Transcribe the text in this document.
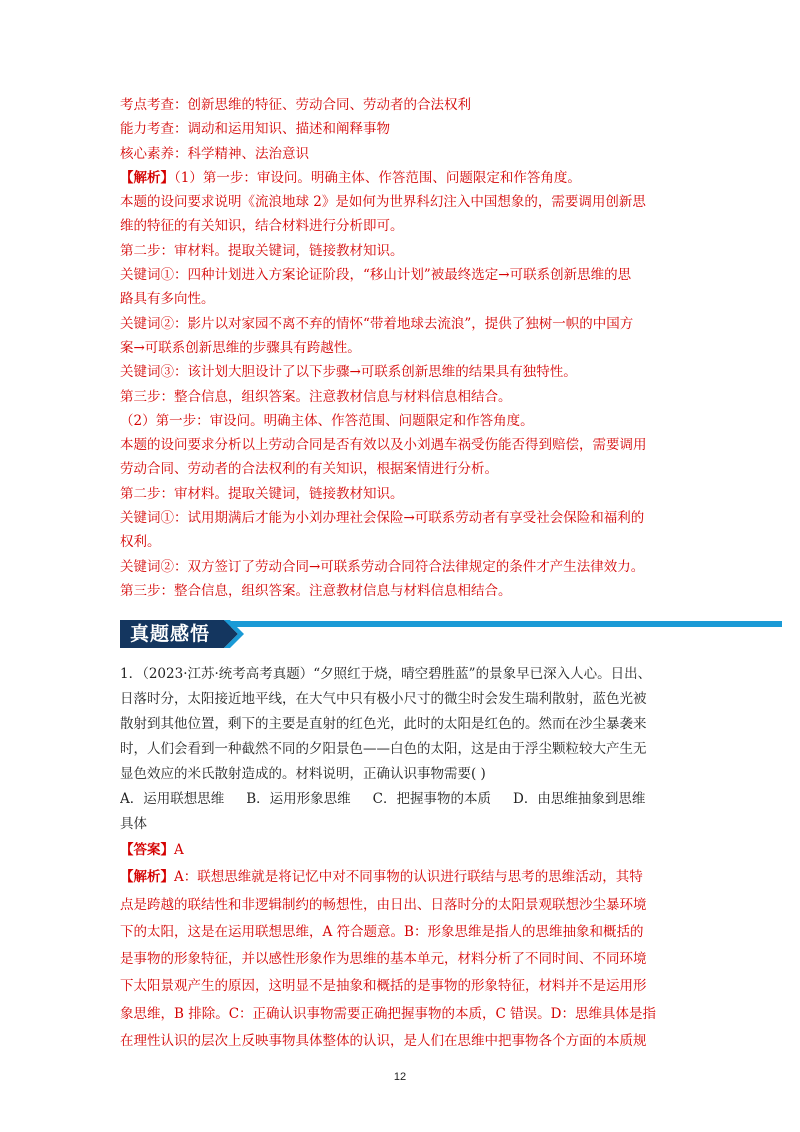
考点考查：创新思维的特征、劳动合同、劳动者的合法权利
能力考查：调动和运用知识、描述和阐释事物
核心素养：科学精神、法治意识
【解析】（1）第一步：审设问。明确主体、作答范围、问题限定和作答角度。
本题的设问要求说明《流浪地球 2》是如何为世界科幻注入中国想象的，需要调用创新思
维的特征的有关知识，结合材料进行分析即可。
第二步：审材料。提取关键词，链接教材知识。
关键词①：四种计划进入方案论证阶段，“移山计划”被最终选定→可联系创新思维的思
路具有多向性。
关键词②：影片以对家园不离不弃的情怀“带着地球去流浪”，提供了独树一帜的中国方
案→可联系创新思维的步骤具有跨越性。
关键词③：该计划大胆设计了以下步骤→可联系创新思维的结果具有独特性。
第三步：整合信息，组织答案。注意教材信息与材料信息相结合。
（2）第一步：审设问。明确主体、作答范围、问题限定和作答角度。
本题的设问要求分析以上劳动合同是否有效以及小刘遇车祸受伤能否得到赔偿，需要调用
劳动合同、劳动者的合法权利的有关知识，根据案情进行分析。
第二步：审材料。提取关键词，链接教材知识。
关键词①：试用期满后才能为小刘办理社会保险→可联系劳动者有享受社会保险和福利的
权利。
关键词②：双方签订了劳动合同→可联系劳动合同符合法律规定的条件才产生法律效力。
第三步：整合信息，组织答案。注意教材信息与材料信息相结合。
真题感悟
1．（2023·江苏·统考高考真题）“夕照红于烧，晴空碧胜蓝”的景象早已深入人心。日出、
日落时分，太阳接近地平线，在大气中只有极小尺寸的微尘时会发生瑞利散射，蓝色光被
散射到其他位置，剩下的主要是直射的红色光，此时的太阳是红色的。然而在沙尘暴袭来
时，人们会看到一种截然不同的夕阳景色——白色的太阳，这是由于浮尘颗粒较大产生无
显色效应的米氏散射造成的。材料说明，正确认识事物需要( )
A．运用联想思维 B．运用形象思维 C．把握事物的本质 D．由思维抽象到思维
具体
【答案】A
【解析】A：联想思维就是将记忆中对不同事物的认识进行联结与思考的思维活动，其特
点是跨越的联结性和非逻辑制约的畅想性，由日出、日落时分的太阳景观联想沙尘暴环境
下的太阳，这是在运用联想思维，A 符合题意。B：形象思维是指人的思维抽象和概括的
是事物的形象特征，并以感性形象作为思维的基本单元，材料分析了不同时间、不同环境
下太阳景观产生的原因，这明显不是抽象和概括的是事物的形象特征，材料并不是运用形
象思维，B 排除。C：正确认识事物需要正确把握事物的本质，C 错误。D：思维具体是指
在理性认识的层次上反映事物具体整体的认识，是人们在思维中把事物各个方面的本质规
12
